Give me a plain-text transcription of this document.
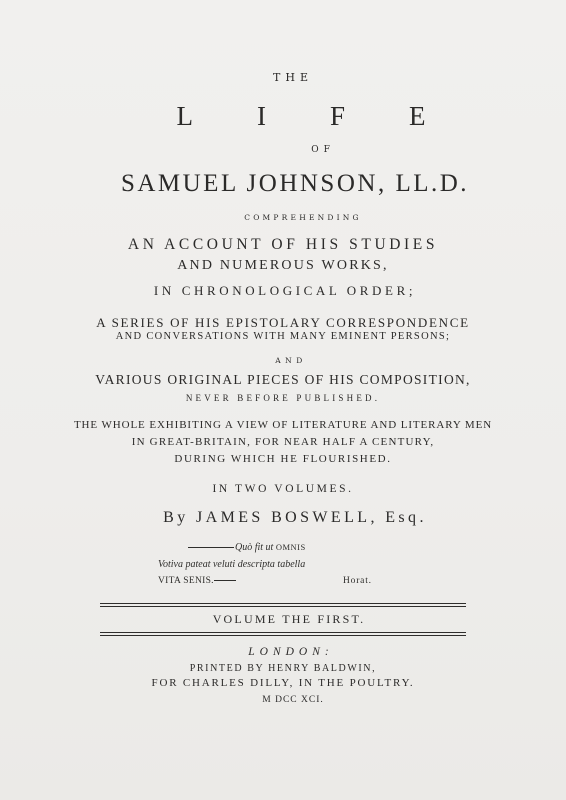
THE
LIFE
OF
SAMUEL JOHNSON, LL.D.
COMPREHENDING
AN ACCOUNT OF HIS STUDIES
AND NUMEROUS WORKS,
IN CHRONOLOGICAL ORDER;
A SERIES OF HIS EPISTOLARY CORRESPONDENCE
AND CONVERSATIONS WITH MANY EMINENT PERSONS;
AND
VARIOUS ORIGINAL PIECES OF HIS COMPOSITION,
NEVER BEFORE PUBLISHED.
THE WHOLE EXHIBITING A VIEW OF LITERATURE AND LITERARY MEN
IN GREAT-BRITAIN, FOR NEAR HALF A CENTURY,
DURING WHICH HE FLOURISHED.
IN TWO VOLUMES.
By JAMES BOSWELL, Esq.
Quò fit ut OMNIS
Votiva pateat veluti descripta tabella
VITA SENIS.	Horat.
VOLUME THE FIRST.
LONDON:
PRINTED BY HENRY BALDWIN,
FOR CHARLES DILLY, IN THE POULTRY.
M DCC XCI.
